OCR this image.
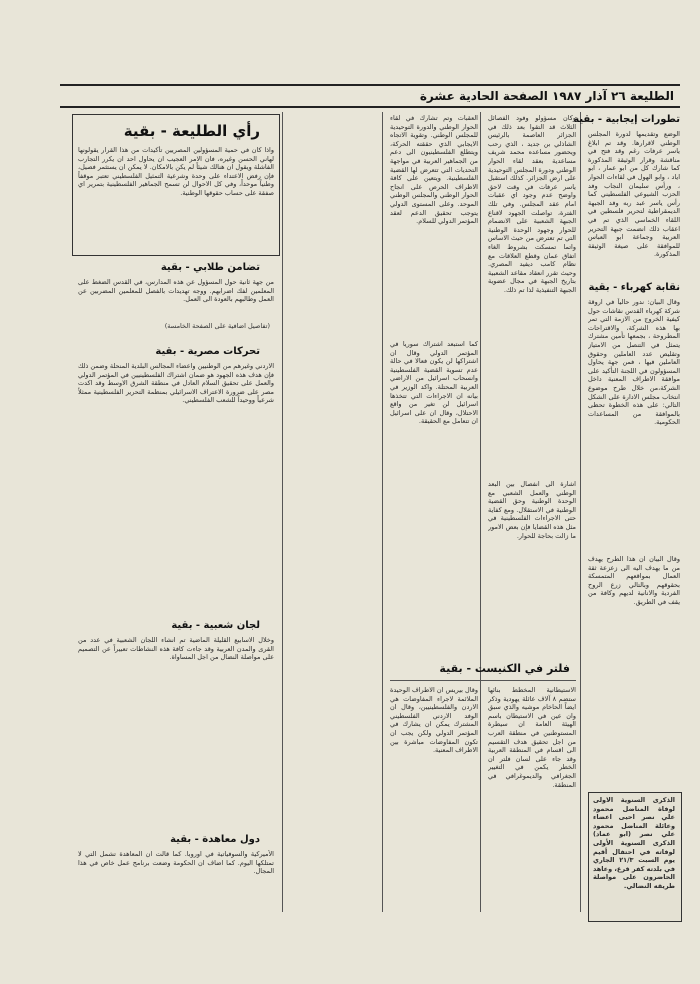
الطليعة ٢٦ آذار ١٩٨٧ الصفحة الحادية عشرة
تطورات إيجابية - بقية
الوضع وتقديمها لدورة المجلس الوطني لاقرارها. وقد تم ابلاغ ياسر عرفات رغم وقد فتح في مناقشة وقرار الوثيقة المذكورة كما شارك كل من ابو عمار ، ابو اياد ، وابو الهول في لقاءات الحوار ، ورأس سليمان النجاب وفد الحزب الشيوعي الفلسطيني كما رأس ياسر عبد ربه وفد الجبهة الديمقراطية لتحرير فلسطين في اللقاء الخماسي الذي تم في اعقاب ذلك انضمت جبهة التحرير العربية وجماعة ابو العباس للموافقة على صيغة الوثيقة المذكورة.
نقابة كهرباء - بقية
وقال البيان: ندور حالياً في اروقة شركة كهرباء القدس نقاشات حول كيفية الخروج من الازمة التي تمر بها هذه الشركة، والاقتراحات المطروحة ، بجمعها تأمين مشترك يتمثل في التنصل من الامتياز وتقليص عدد العاملين وحقوق العاملين فيها ، فمن جهة يحاول المسؤولون في اللجنة التأكيد على موافقة الاطراف المعنية داخل الشركة،من خلال طرح موضوع انتخاب مجلس الادارة على الشكل التالي: على هذه الخطوة تحظى بالموافقة من المساعدات الحكومية.
وقال البيان ان هذا الطرح يهدف من ما يهدف اليه الى زعزعة ثقة العمال بمواقعهم المتمسكة بحقوقهم وبالتالي زرع الروح الفردية والانانية لديهم وكافة من يقف في الطريق.
الذكرى السنوية الاولى لوفاة المناضل محمود علي نصر احيى اعضاء وعائلة المناضل محمود علي نصر (ابو عماد) الذكرى السنوية الأولى لوفاته في احتفال أقيم يوم السبت ٢١/٣ الجاري في بلدته كفر قرع، وعاهد الحاضرون على مواصلة طريقه النضالي.
وكان مسؤولو وفود الفصائل الثلاث قد التقوا بعد ذلك في الجزائر العاصمة بالرئيس الشاذلي بن جديد ، الذي رحب ويحضور مساعده محمد شريف مساعدية بعقد لقاء الحوار الوطني ودورة المجلس التوحيدية على ارض الجزائر. كذلك استقبل ياسر عرفات في وقت لاحق واوضح عدم وجود اي عقبات امام عقد المجلس. وفي تلك الفترة، تواصلت الجهود لاقناع الجبهة الشعبية على الانضمام للحوار وجهود الوحدة الوطنية التي تم تعترض من حيث الاساس واتما تمسكت بشروط الغاء اتفاق عمان وقطع العلاقات مع نظام كامب ديفيد المصري. وحيث تقرر انعقاد مقاعد الشعبية بتاريخ الجبهة في مجال عضوية الجبهة التنفيذية لذا تم ذلك.
اشارة الى انفصال بين البعد الوطني والعمل الشعبي مع الوحدة الوطنية وحق القضية الوطنية في الاستقلال. ومع كفاية حتى الاجراءات الفلسطينية في مثل هذه القضايا فإن بعض الامور ما زالت بحاجة للحوار.
فلتر في الكنيست - بقية
العقبات وتم تشارك في لقاء الحوار الوطني والدورة التوحيدية للمجلس الوطني. وتقوية الاتجاه الايجابي الذي حققته الحركة، ويتطلع الفلسطينيون الى دعم من الجماهير العربية في مواجهة التحديات التي تتعرض لها القضية الفلسطينية. ويتعين على كافة الاطراف الحرص على انجاح الحوار الوطني والمجلس الوطني الموحد. وعلى المستوى الدولي يتوجب تحقيق الدعم لعقد المؤتمر الدولي للسلام.
كما استبعد اشتراك سوريا في المؤتمر الدولي وقال ان اشتراكها لن يكون فعالا في حالة عدم تسوية القضية الفلسطينية وانسحاب اسرائيل من الاراضي العربية المحتلة. واكد الوزير في بيانه ان الاجراءات التي تتخذها اسرائيل لن تغير من واقع الاحتلال، وقال ان على اسرائيل ان تتعامل مع الحقيقة.
الاستيطانية المخطط بنائها ستضم ٨ آلاف عائلة يهودية وذكر ايضاً الحاخام موشيه والذي سبق وان عين في الاستيطان باسم الهيئة العامة ان سيطرة المستوطنين في منطقة العرب من اجل تحقيق هدف التقسيم الى اقسام في المنطقة العربية وقد جاء على لسان فلتر ان الخطر يكمن في التغيير الجغرافي والديموغرافي في المنطقة.
وقال بيريس ان الاطراف الوحيدة الملائمة لاجراء المفاوضات هي الاردن والفلسطينيين، وقال ان الوفد الاردني الفلسطيني المشترك يمكن ان يشارك في المؤتمر الدولي ولكن يجب ان تكون المفاوضات مباشرة بين الاطراف المعنية.
رأي الطليعة - بقية
واذا كان في حمية المسؤولين المصريين تأكيدات من هذا القرار يقولونها لهاني الحسن وغيره، فان الامر العجيب ان يحاول احد ان يكرر التجارب الفاشلة ويقول ان هنالك شيئاً لم يكن بالامكان. لا يمكن ان يستثمر فصيل، فإن رفض الاعتداء على وحدة وشرعية التمثيل الفلسطيني تعتبر موقفاً وطنياً موحداً، وفي كل الاحوال لن تسمح الجماهير الفلسطينية بتمرير اي صفقة على حساب حقوقها الوطنية.
تضامن طلابي - بقية
من جهة ثانية حول المسؤول عن هذه المدارس، في القدس الضغط على المعلمين لفك اضرابهم. ووجه تهديدات بالفصل للمعلمين المضربين عن العمل وطالبهم بالعودة الى العمل.
(تفاصيل اضافية على الصفحة الخامسة)
تحركات مصرية - بقية
الاردني وغيرهم من الوطنيين واعضاء المجالس البلدية المنحلة وضمن ذلك فإن هدف هذه الجهود هو ضمان اشتراك الفلسطينيين في المؤتمر الدولي والعمل على تحقيق السلام العادل في منطقة الشرق الاوسط وقد اكدت مصر على ضرورة الاعتراف الاسرائيلي بمنظمة التحرير الفلسطينية ممثلاً شرعياً ووحيداً للشعب الفلسطيني.
لجان شعبية - بقية
وخلال الاسابيع القليلة الماضية تم انشاء اللجان الشعبية في عدد من القرى والمدن العربية وقد جاءت كافة هذه النشاطات تعبيراً عن التصميم على مواصلة النضال من اجل المساواة.
دول معاهدة - بقية
الأميركية والسوفياتية في اوروبا. كما قالت ان المعاهدة تشمل التي لا تمتلكها اليوم. كما اضاف ان الحكومة وضعت برنامج عمل خاص في هذا المجال.
